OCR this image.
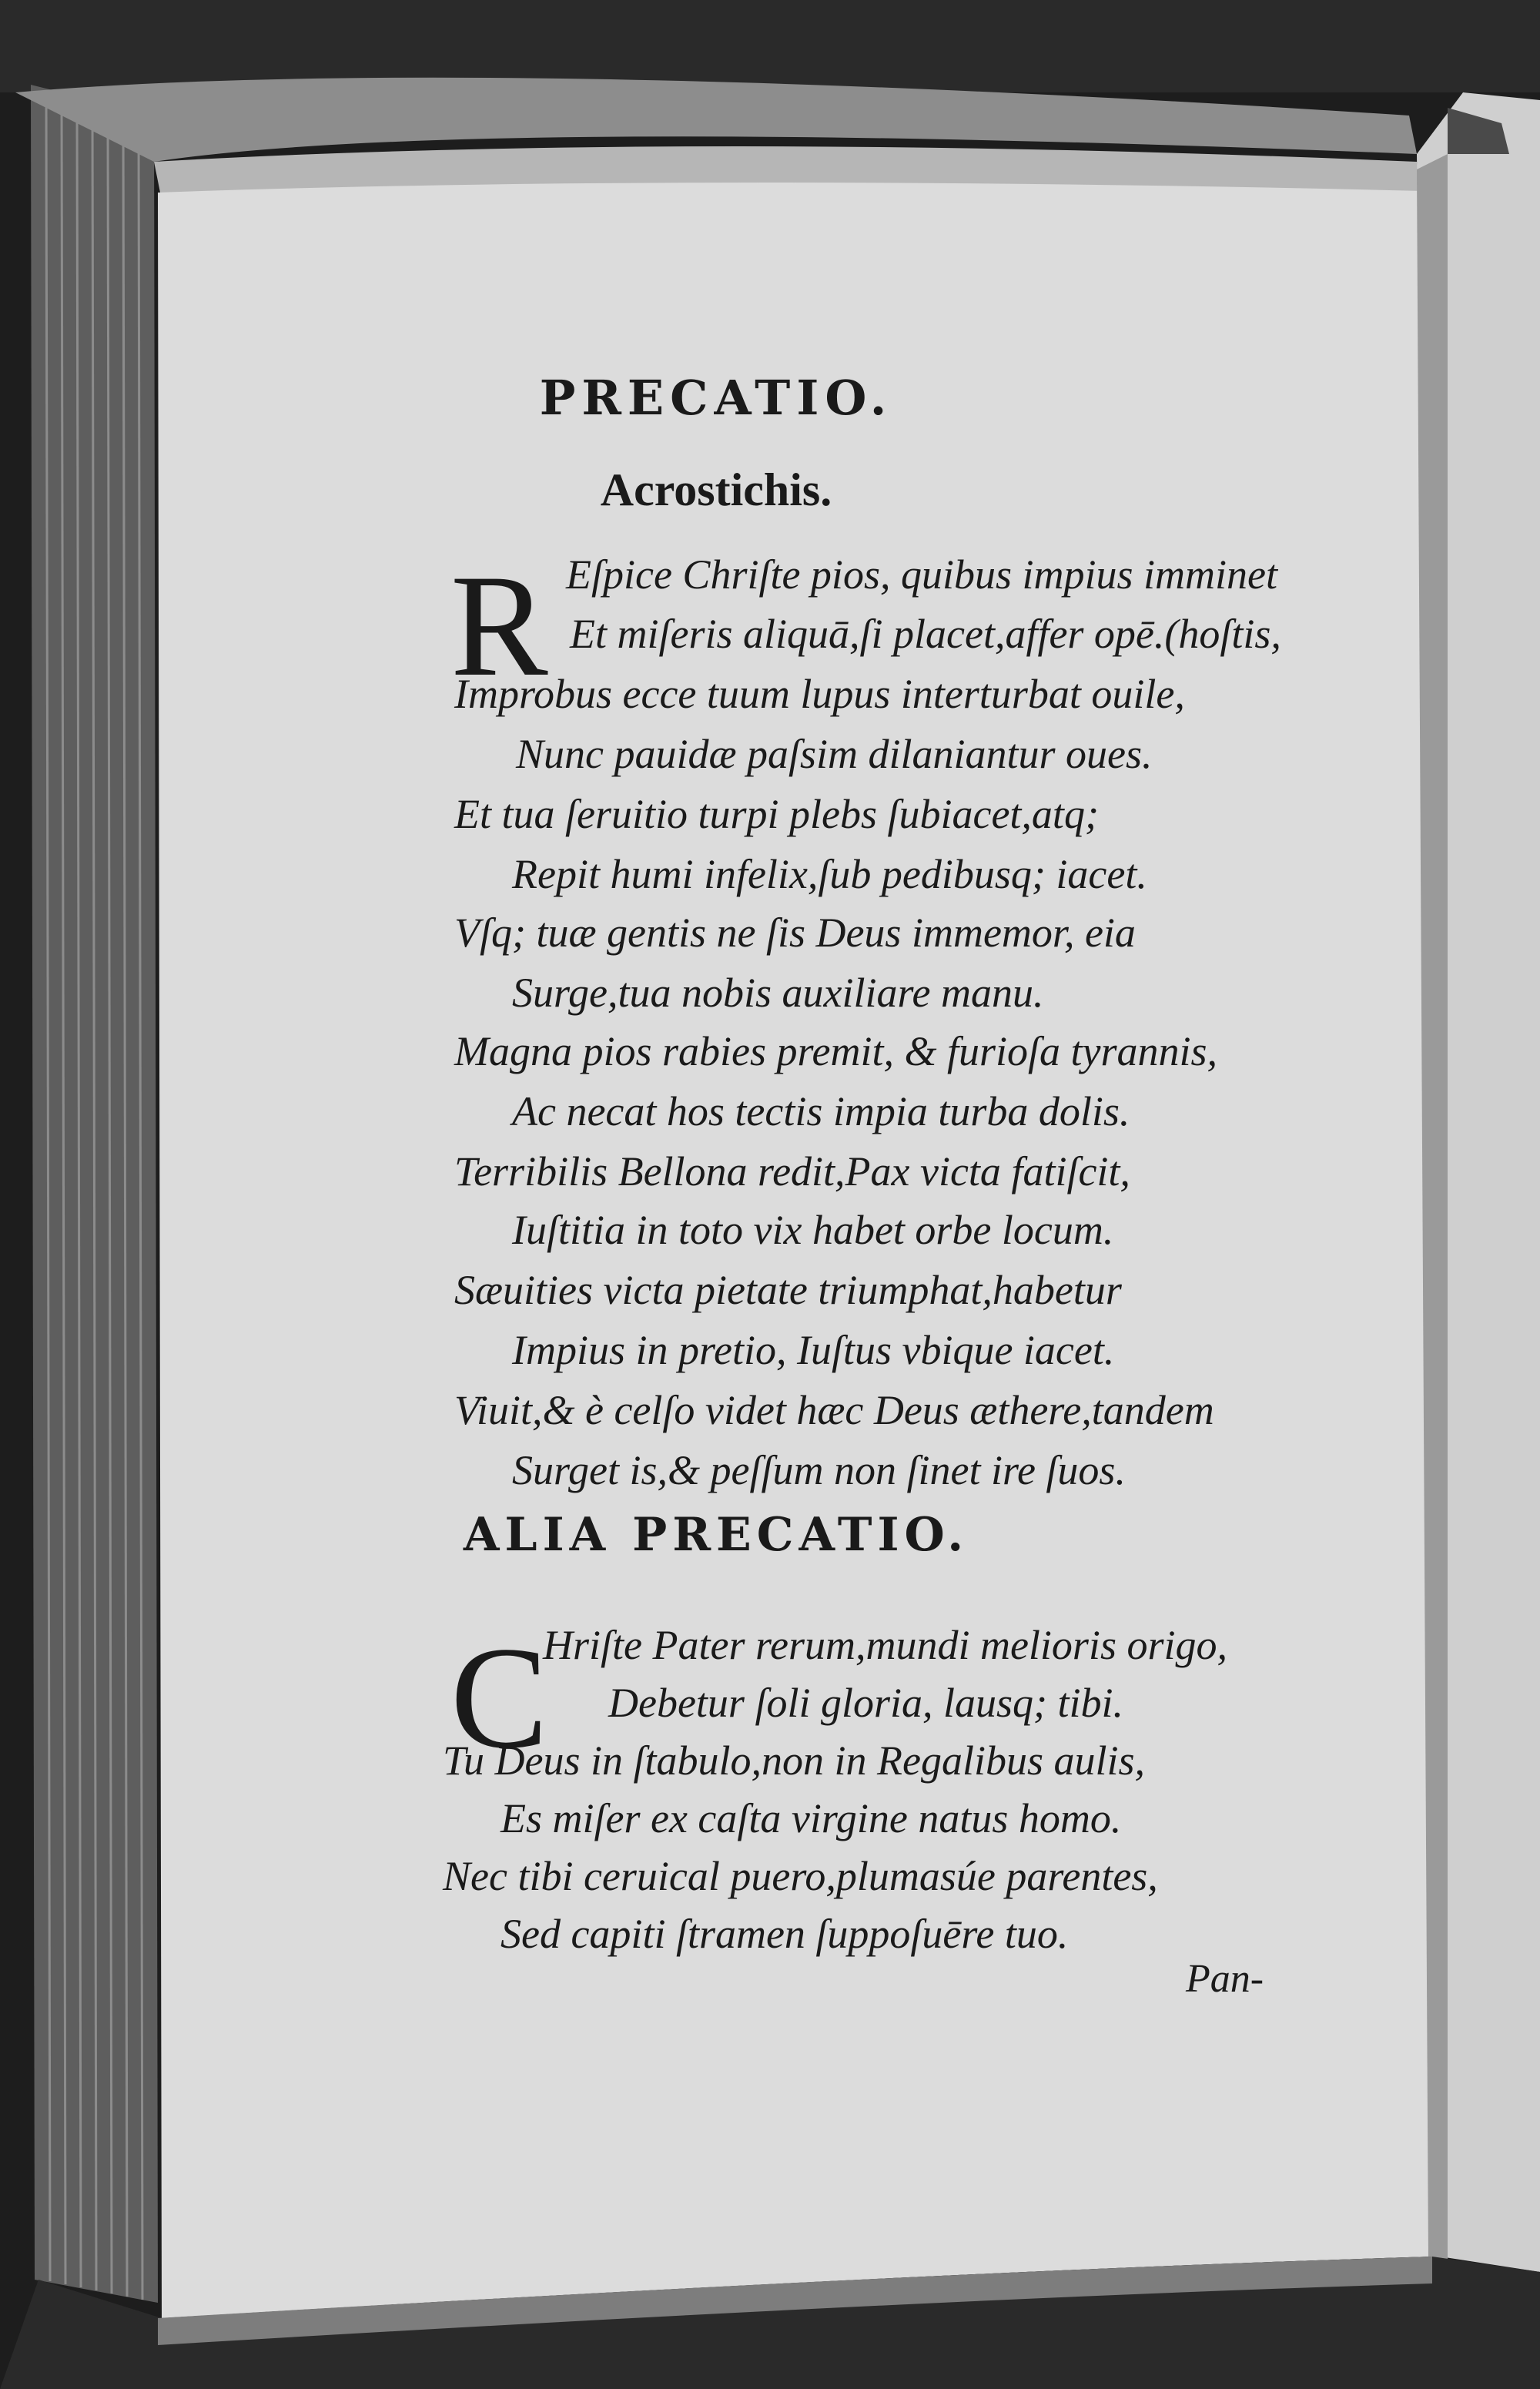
PRECATIO.
Acrostichis.
R Eſpice Chriſte pios, quibus impius imminet

Et miſeris aliquā,ſi placet,affer opē.(hoſtis,

Improbus ecce tuum lupus interturbat ouile,

Nunc pauidæ paſsim dilaniantur oues.

Et tua ſeruitio turpi plebs ſubiacet,atq;

Repit humi infelix,ſub pedibusq; iacet.

Vſq; tuæ gentis ne ſis Deus immemor, eia

Surge,tua nobis auxiliare manu.

Magna pios rabies premit, & furioſa tyrannis,

Ac necat hos tectis impia turba dolis.

Terribilis Bellona redit,Pax victa fatiſcit,

Iuſtitia in toto vix habet orbe locum.

Sæuities victa pietate triumphat,habetur

Impius in pretio, Iuſtus vbique iacet.

Viuit,& è celſo videt hæc Deus æthere,tandem

Surget is,& peſſum non ſinet ire ſuos.

ALIA PRECATIO.
C

Hriſte Pater rerum,mundi melioris origo,

Debetur ſoli gloria, lausq; tibi.

Tu Deus in ſtabulo,non in Regalibus aulis,

Es miſer ex caſta virgine natus homo.

Nec tibi ceruical puero,plumasúe parentes,

Sed capiti ſtramen ſuppoſuēre tuo.

Pan-
